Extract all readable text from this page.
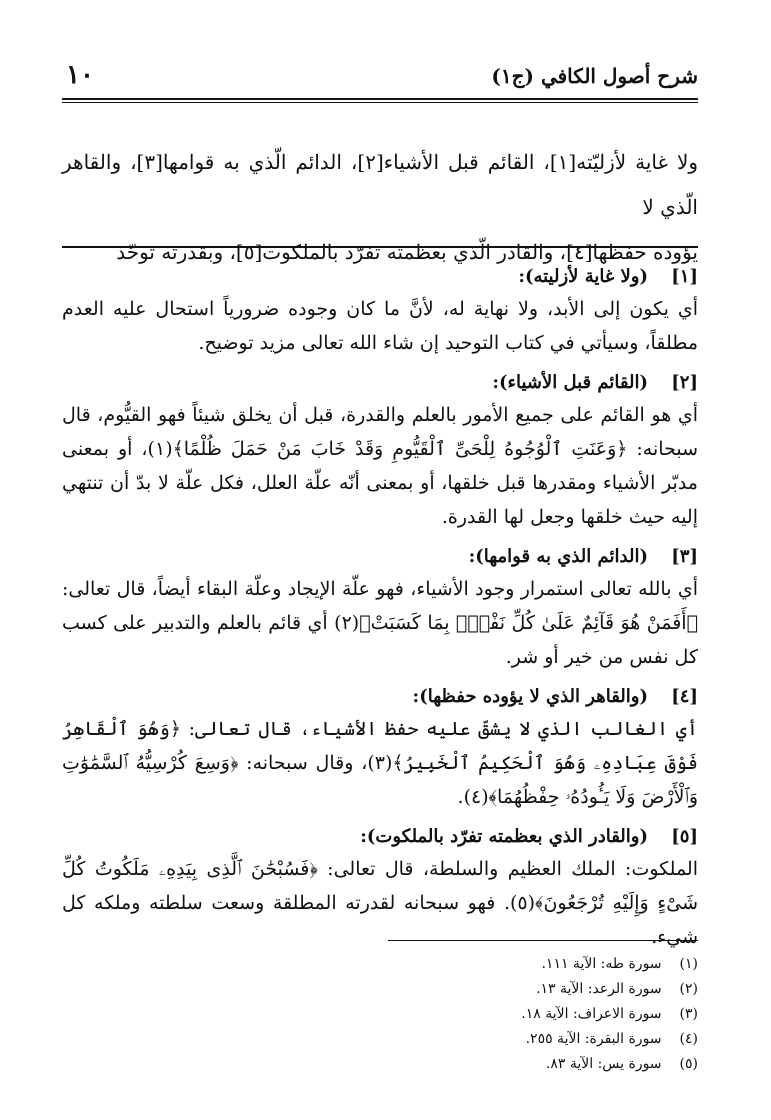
شرح أصول الكافي (ج١)
١٠

ولا غاية لأزليّته[١]، القائم قبل الأشياء[٢]، الدائم الّذي به قوامها[٣]، والقاهر الّذي لا

يؤوده حفظها[٤]، والقادر الّذي بعظمته تفرّد بالملكوت[٥]، وبقدرته توحّد

[١]
(ولا غاية لأزليته):

أي يكون إلى الأبد، ولا نهاية له، لأنَّ ما كان وجوده ضرورياً استحال عليه العدم مطلقاً، وسيأتي في كتاب التوحيد إن شاء الله تعالى مزيد توضيح.

[٢]
(القائم قبل الأشياء):

أي هو القائم على جميع الأمور بالعلم والقدرة، قبل أن يخلق شيئاً فهو القيُّوم، قال سبحانه: ﴿وَعَنَتِ ٱلْوُجُوهُ لِلْحَىِّ ٱلْقَيُّومِ وَقَدْ خَابَ مَنْ حَمَلَ ظُلْمًا﴾(١)، أو بمعنى مدبّر الأشياء ومقدرها قبل خلقها، أو بمعنى أنّه علّة العلل، فكل علّة لا بدّ أن تنتهي إليه حيث خلقها وجعل لها القدرة.

[٣]
(الدائم الذي به قوامها):

أي بالله تعالى استمرار وجود الأشياء، فهو علّة الإيجاد وعلّة البقاء أيضاً، قال تعالى: ﴿أَفَمَنْ هُوَ قَآئِمٌ عَلَىٰ كُلِّ نَفْسٍۭ بِمَا كَسَبَتْ﴾(٢) أي قائم بالعلم والتدبير على كسب كل نفس من خير أو شر.

[٤]
(والقاهر الذي لا يؤوده حفظها):

أي الغالب الذي لا يشقّ عليه حفظ الأشياء، قال تعالى: ﴿وَهُوَ ٱلْقَاهِرُ فَوْقَ عِبَادِهِۦ وَهُوَ ٱلْحَكِيمُ ٱلْخَبِيرُ﴾(٣)، وقال سبحانه: ﴿وَسِعَ كُرْسِيُّهُ ٱلسَّمَٰوَٰتِ وَٱلْأَرْضَ وَلَا يَـُٔودُهُۥ حِفْظُهُمَا﴾(٤).

[٥]
(والقادر الذي بعظمته تفرّد بالملكوت):

الملكوت: الملك العظيم والسلطة، قال تعالى: ﴿فَسُبْحَٰنَ ٱلَّذِى بِيَدِهِۦ مَلَكُوتُ كُلِّ شَىْءٍ وَإِلَيْهِ تُرْجَعُونَ﴾(٥). فهو سبحانه لقدرته المطلقة وسعت سلطته وملكه كل شيء.

(١) سورة طه: الآية ١١١.
(٢) سورة الرعد: الآية ١٣.
(٣) سورة الاعراف: الآية ١٨.
(٤) سورة البقرة: الآية ٢٥٥.
(٥) سورة يس: الآية ٨٣.
